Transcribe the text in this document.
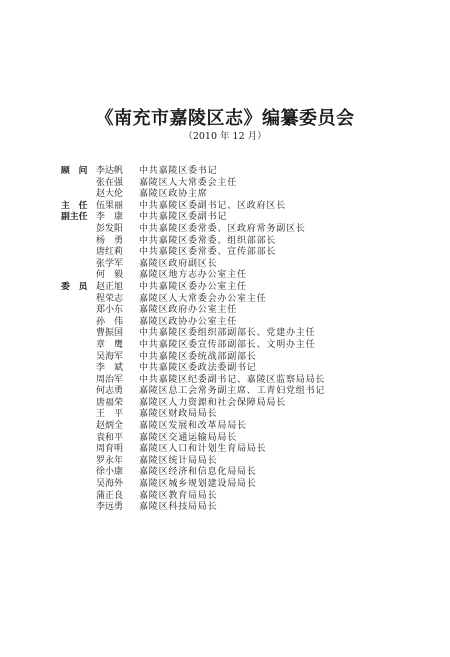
《南充市嘉陵区志》编纂委员会
（2010 年 12 月）
顾　问 李达帆	中共嘉陵区委书记
张在强	嘉陵区人大常委会主任
赵大伦	嘉陵区政协主席
主　任 伍果丽	中共嘉陵区委副书记、区政府区长
副主任 李　康	中共嘉陵区委副书记
彭发阳	中共嘉陵区委常委、区政府常务副区长
杨　勇	中共嘉陵区委常委、组织部部长
唐红莉	中共嘉陵区委常委、宣传部部长
张学军	嘉陵区政府副区长
何　毅	嘉陵区地方志办公室主任
委　员 赵正旭	中共嘉陵区委办公室主任
程荣志	嘉陵区人大常委会办公室主任
郑小东	嘉陵区政府办公室主任
孙　伟	嘉陵区政协办公室主任
曹振国	中共嘉陵区委组织部副部长、党建办主任
章　鹰	中共嘉陵区委宣传部副部长、文明办主任
吴海军	中共嘉陵区委统战部副部长
李　斌	中共嘉陵区委政法委副书记
周治军	中共嘉陵区纪委副书记、嘉陵区监察局局长
何志勇	嘉陵区总工会常务副主席、工青妇党组书记
唐福荣	嘉陵区人力资源和社会保障局局长
王　平	嘉陵区财政局局长
赵炳全	嘉陵区发展和改革局局长
袁和平	嘉陵区交通运输局局长
周育明	嘉陵区人口和计划生育局局长
罗永年	嘉陵区统计局局长
徐小康	嘉陵区经济和信息化局局长
吴海外	嘉陵区城乡规划建设局局长
蒲正良	嘉陵区教育局局长
李远勇	嘉陵区科技局局长
